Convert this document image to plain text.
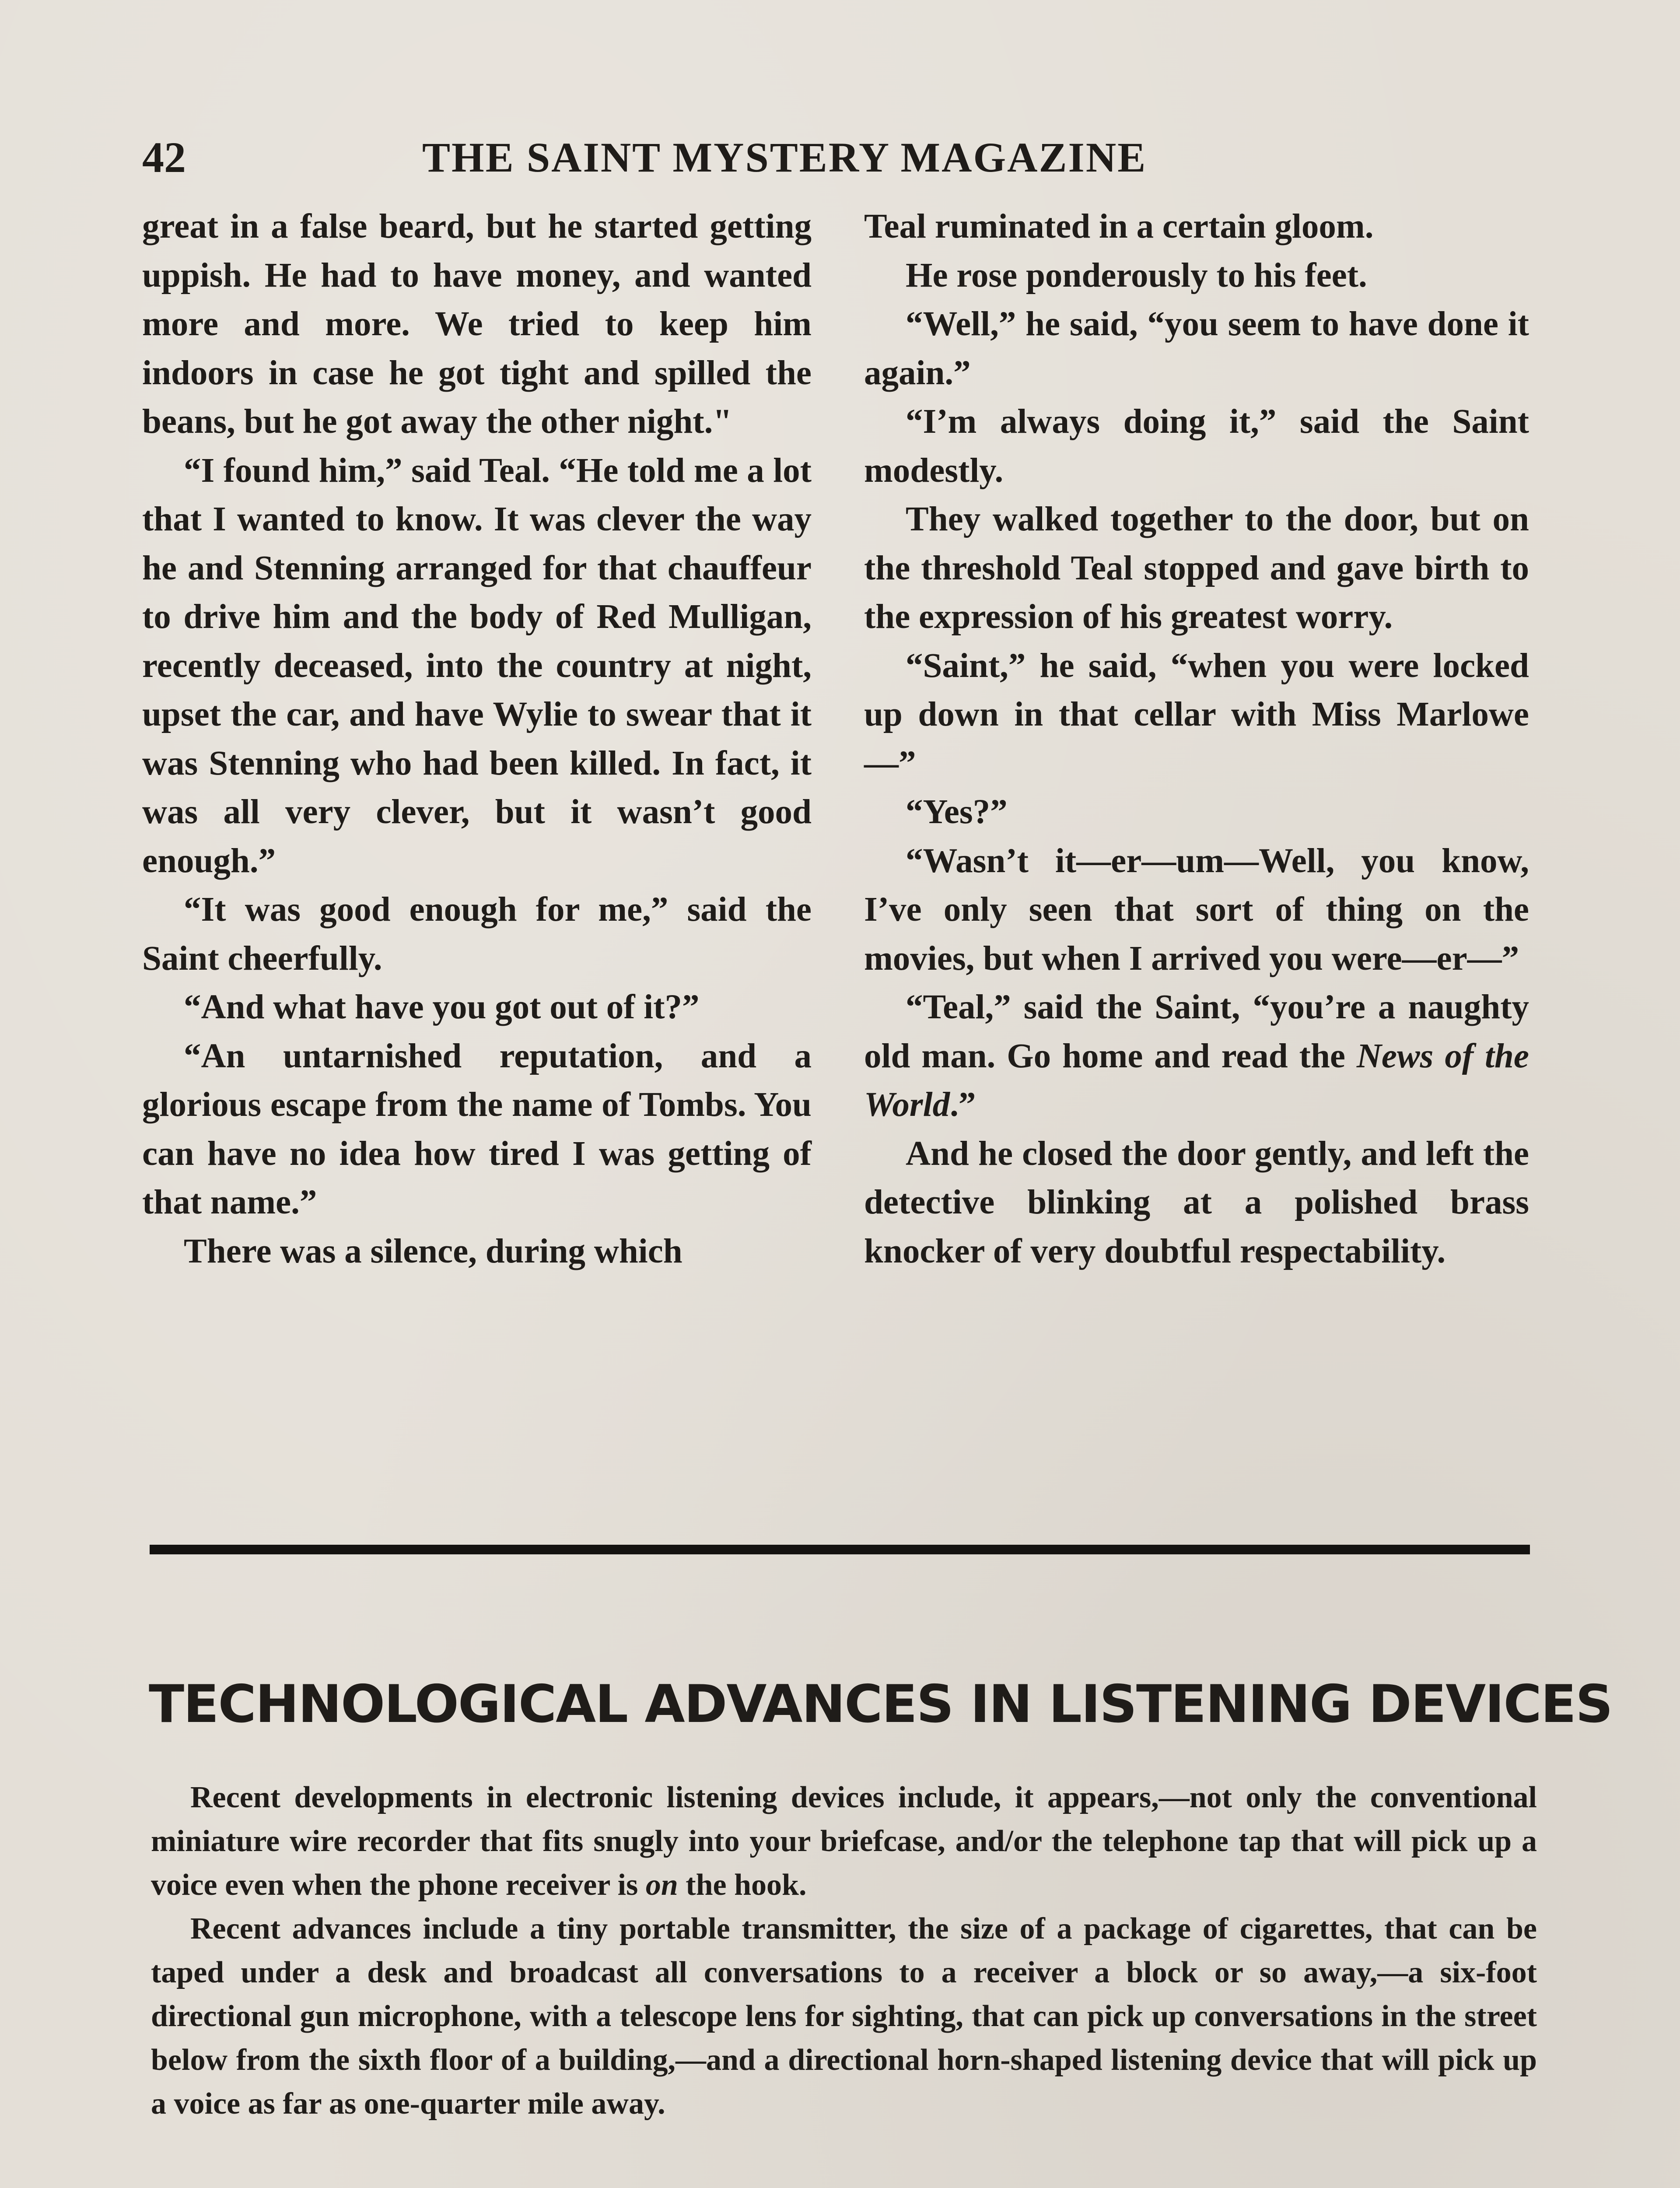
42	THE SAINT MYSTERY MAGAZINE

great in a false beard, but he started getting uppish. He had to have money, and wanted more and more. We tried to keep him indoors in case he got tight and spilled the beans, but he got away the other night."

“I found him,” said Teal. “He told me a lot that I wanted to know. It was clever the way he and Stenning arranged for that chauffeur to drive him and the body of Red Mulligan, recently deceased, into the country at night, upset the car, and have Wylie to swear that it was Stenning who had been killed. In fact, it was all very clever, but it wasn’t good enough.”

“It was good enough for me,” said the Saint cheerfully.

“And what have you got out of it?”

“An untarnished reputation, and a glorious escape from the name of Tombs. You can have no idea how tired I was getting of that name.”

There was a silence, during which

Teal ruminated in a certain gloom.

He rose ponderously to his feet.

“Well,” he said, “you seem to have done it again.”

“I’m always doing it,” said the Saint modestly.

They walked together to the door, but on the threshold Teal stopped and gave birth to the expression of his greatest worry.

“Saint,” he said, “when you were locked up down in that cellar with Miss Marlowe—”

“Yes?”

“Wasn’t it—er—um—Well, you know, I’ve only seen that sort of thing on the movies, but when I arrived you were—er—”

“Teal,” said the Saint, “you’re a naughty old man. Go home and read the News of the World.”

And he closed the door gently, and left the detective blinking at a polished brass knocker of very doubtful respectability.

TECHNOLOGICAL ADVANCES IN LISTENING DEVICES

Recent developments in electronic listening devices include, it appears,—not only the conventional miniature wire recorder that fits snugly into your briefcase, and/or the telephone tap that will pick up a voice even when the phone receiver is on the hook.

Recent advances include a tiny portable transmitter, the size of a package of cigarettes, that can be taped under a desk and broadcast all conversations to a receiver a block or so away,—a six-foot directional gun microphone, with a telescope lens for sighting, that can pick up conversations in the street below from the sixth floor of a building,—and a directional horn-shaped listening device that will pick up a voice as far as one-quarter mile away.
